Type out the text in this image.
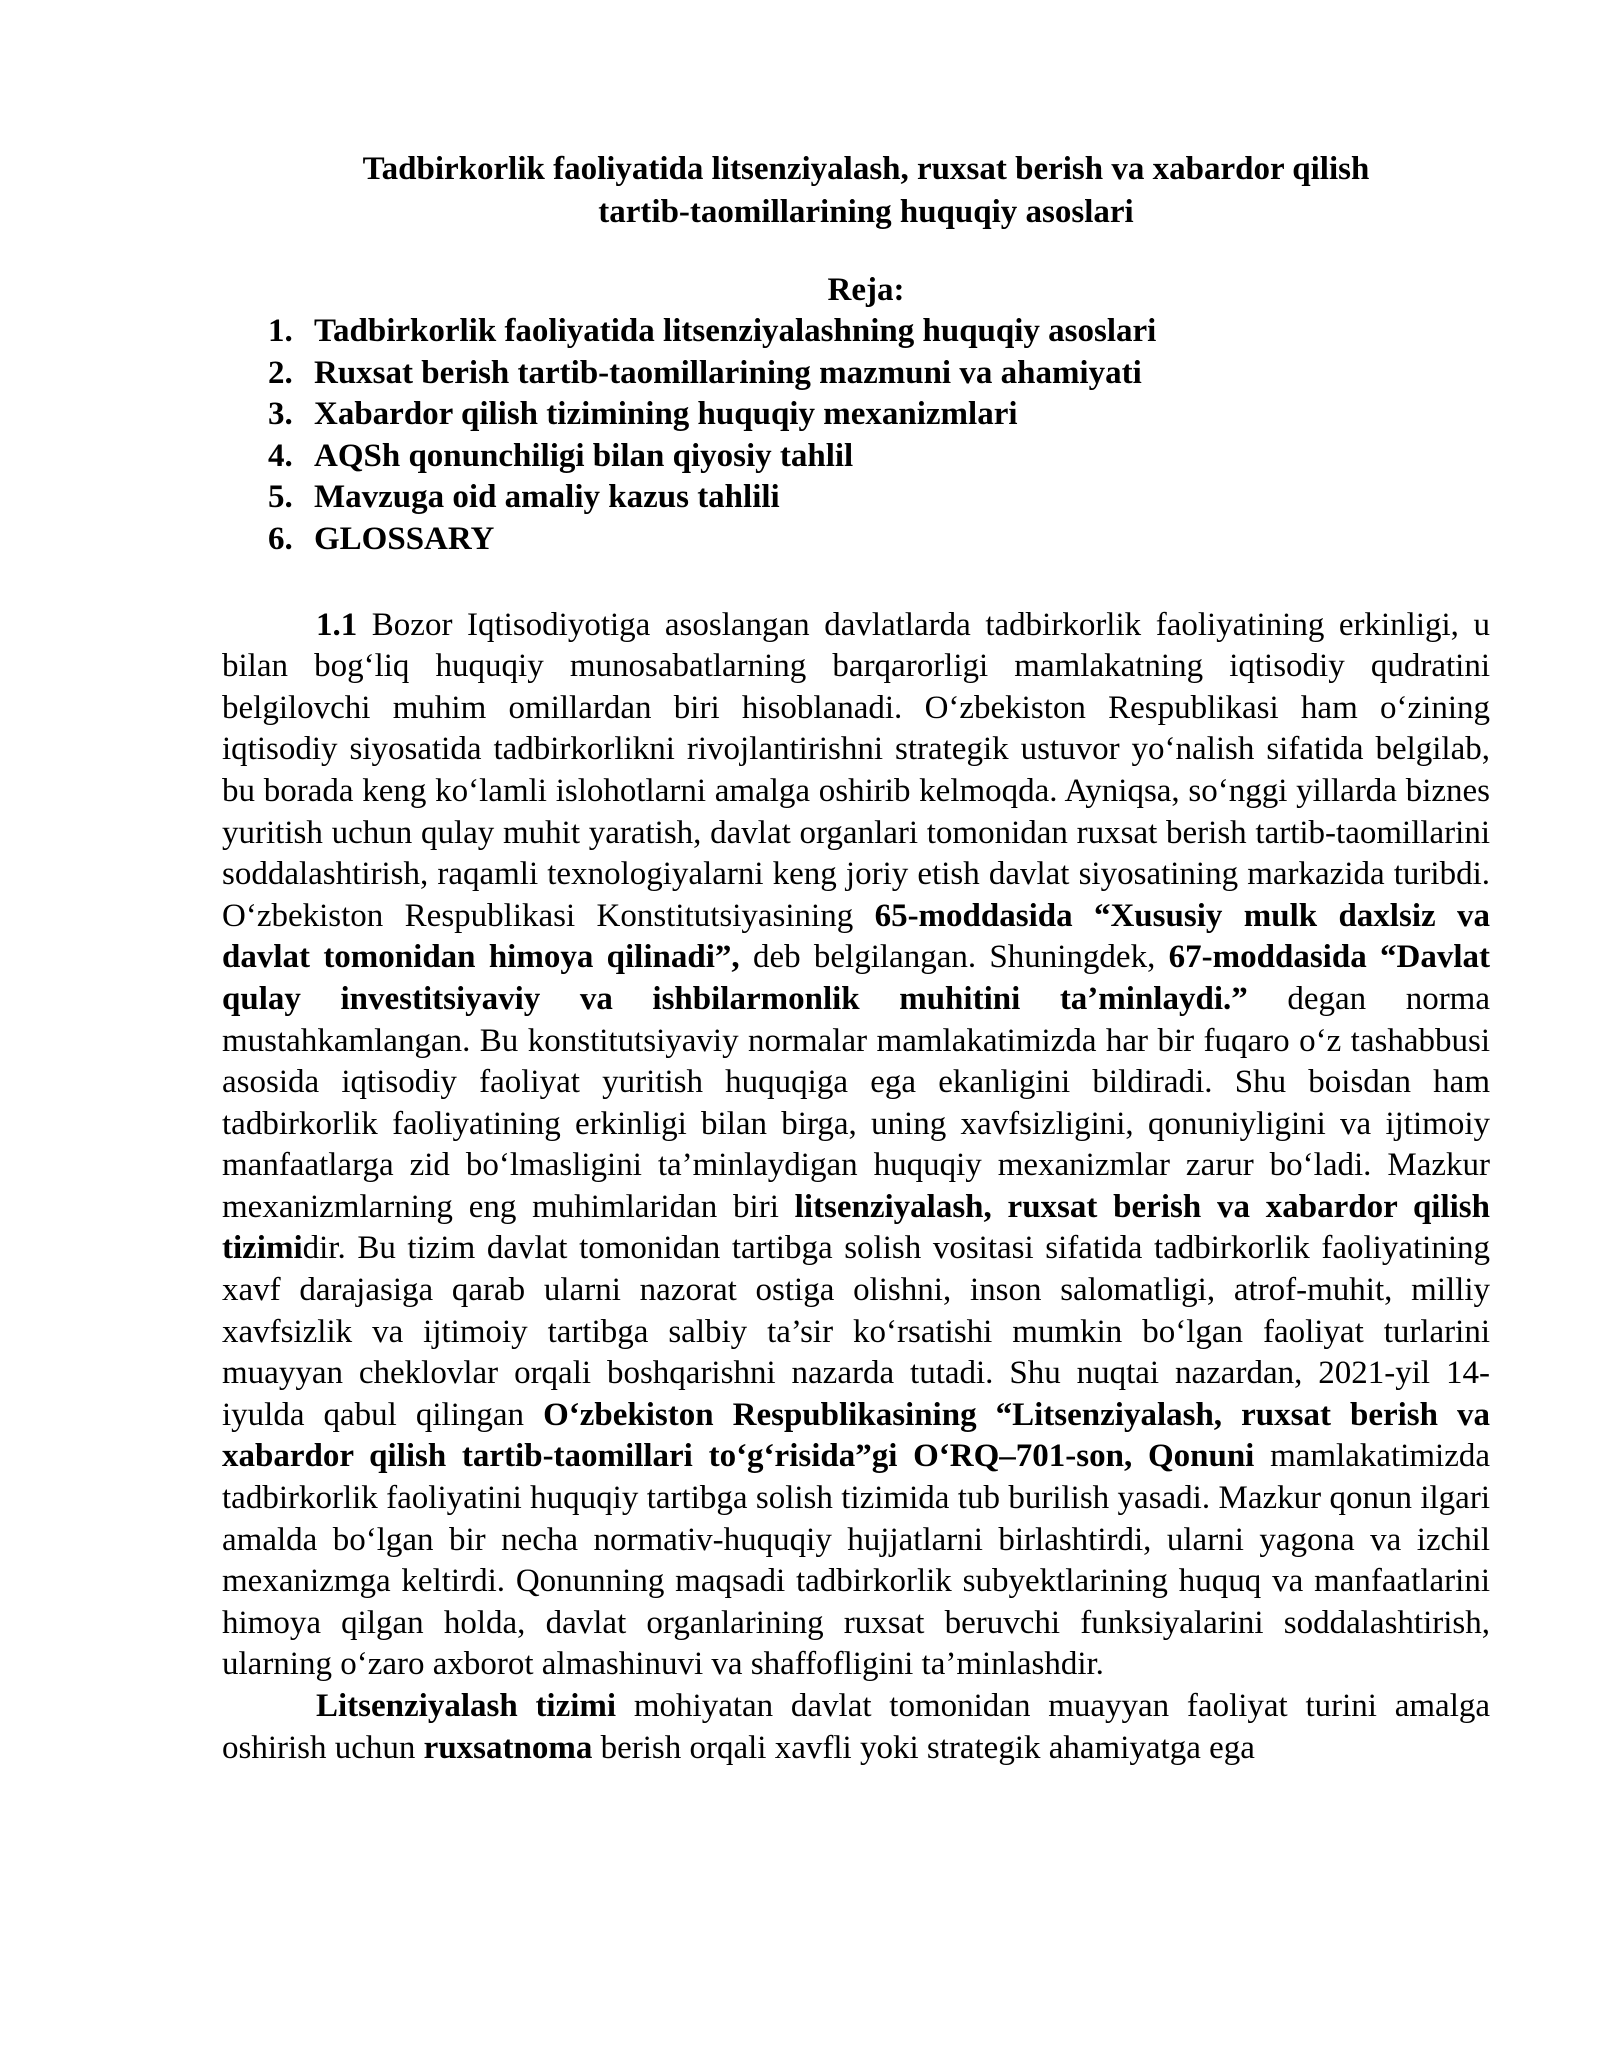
Tadbirkorlik faoliyatida litsenziyalash, ruxsat berish va xabardor qilish
tartib-taomillarining huquqiy asoslari
Reja:
1. Tadbirkorlik faoliyatida litsenziyalashning huquqiy asoslari
2. Ruxsat berish tartib-taomillarining mazmuni va ahamiyati
3. Xabardor qilish tizimining huquqiy mexanizmlari
4. AQSh qonunchiligi bilan qiyosiy tahlil
5. Mavzuga oid amaliy kazus tahlili
6. GLOSSARY

1.1 Bozor Iqtisodiyotiga asoslangan davlatlarda tadbirkorlik faoliyatining erkinligi, u bilan bog‘liq huquqiy munosabatlarning barqarorligi mamlakatning iqtisodiy qudratini belgilovchi muhim omillardan biri hisoblanadi. O‘zbekiston Respublikasi ham o‘zining iqtisodiy siyosatida tadbirkorlikni rivojlantirishni strategik ustuvor yo‘nalish sifatida belgilab, bu borada keng ko‘lamli islohotlarni amalga oshirib kelmoqda. Ayniqsa, so‘nggi yillarda biznes yuritish uchun qulay muhit yaratish, davlat organlari tomonidan ruxsat berish tartib-taomillarini soddalashtirish, raqamli texnologiyalarni keng joriy etish davlat siyosatining markazida turibdi. O‘zbekiston Respublikasi Konstitutsiyasining 65-moddasida “Xususiy mulk daxlsiz va davlat tomonidan himoya qilinadi”, deb belgilangan. Shuningdek, 67-moddasida “Davlat qulay investitsiyaviy va ishbilarmonlik muhitini ta’minlaydi.” degan norma mustahkamlangan. Bu konstitutsiyaviy normalar mamlakatimizda har bir fuqaro o‘z tashabbusi asosida iqtisodiy faoliyat yuritish huquqiga ega ekanligini bildiradi. Shu boisdan ham tadbirkorlik faoliyatining erkinligi bilan birga, uning xavfsizligini, qonuniyligini va ijtimoiy manfaatlarga zid bo‘lmasligini ta’minlaydigan huquqiy mexanizmlar zarur bo‘ladi. Mazkur mexanizmlarning eng muhimlaridan biri litsenziyalash, ruxsat berish va xabardor qilish tizimidir. Bu tizim davlat tomonidan tartibga solish vositasi sifatida tadbirkorlik faoliyatining xavf darajasiga qarab ularni nazorat ostiga olishni, inson salomatligi, atrof-muhit, milliy xavfsizlik va ijtimoiy tartibga salbiy ta’sir ko‘rsatishi mumkin bo‘lgan faoliyat turlarini muayyan cheklovlar orqali boshqarishni nazarda tutadi. Shu nuqtai nazardan, 2021-yil 14-iyulda qabul qilingan O‘zbekiston Respublikasining “Litsenziyalash, ruxsat berish va xabardor qilish tartib-taomillari to‘g‘risida”gi O‘RQ–701-son, Qonuni mamlakatimizda tadbirkorlik faoliyatini huquqiy tartibga solish tizimida tub burilish yasadi. Mazkur qonun ilgari amalda bo‘lgan bir necha normativ-huquqiy hujjatlarni birlashtirdi, ularni yagona va izchil mexanizmga keltirdi. Qonunning maqsadi tadbirkorlik subyektlarining huquq va manfaatlarini himoya qilgan holda, davlat organlarining ruxsat beruvchi funksiyalarini soddalashtirish, ularning o‘zaro axborot almashinuvi va shaffofligini ta’minlashdir.

Litsenziyalash tizimi mohiyatan davlat tomonidan muayyan faoliyat turini amalga oshirish uchun ruxsatnoma berish orqali xavfli yoki strategik ahamiyatga ega
